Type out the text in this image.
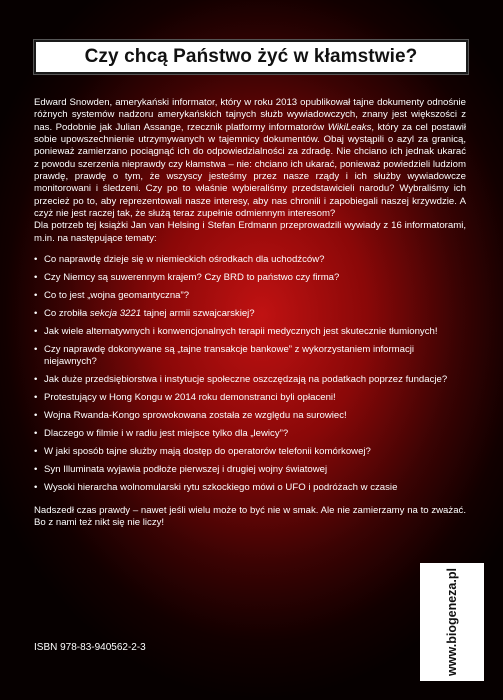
Czy chcą Państwo żyć w kłamstwie?

Edward Snowden, amerykański informator, który w roku 2013 opublikował tajne dokumenty odnośnie różnych systemów nadzoru amerykańskich tajnych służb wywiadowczych, znany jest większości z nas. Podobnie jak Julian Assange, rzecznik platformy informatorów WikiLeaks, który za cel postawił sobie upowszechnienie utrzymywanych w tajemnicy dokumentów. Obaj wystąpili o azyl za granicą, ponieważ zamierzano pociągnąć ich do odpowiedzialności za zdradę. Nie chciano ich jednak ukarać z powodu szerzenia nieprawdy czy kłamstwa – nie: chciano ich ukarać, ponieważ powiedzieli ludziom prawdę, prawdę o tym, że wszyscy jesteśmy przez nasze rządy i ich służby wywiadowcze monitorowani i śledzeni. Czy po to właśnie wybieraliśmy przedstawicieli narodu? Wybraliśmy ich przecież po to, aby reprezentowali nasze interesy, aby nas chronili i zapobiegali naszej krzywdzie. A czyż nie jest raczej tak, że służą teraz zupełnie odmiennym interesom?

Dla potrzeb tej książki Jan van Helsing i Stefan Erdmann przeprowadzili wywiady z 16 informatorami, m.in. na następujące tematy:

• Co naprawdę dzieje się w niemieckich ośrodkach dla uchodźców?
• Czy Niemcy są suwerennym krajem? Czy BRD to państwo czy firma?
• Co to jest „wojna geomantyczna”?
• Co zrobiła sekcja 3221 tajnej armii szwajcarskiej?
• Jak wiele alternatywnych i konwencjonalnych terapii medycznych jest skutecznie tłumionych!
• Czy naprawdę dokonywane są „tajne transakcje bankowe” z wykorzystaniem informacji niejawnych?
• Jak duże przedsiębiorstwa i instytucje społeczne oszczędzają na podatkach poprzez fundacje?
• Protestujący w Hong Kongu w 2014 roku demonstranci byli opłaceni!
• Wojna Rwanda-Kongo sprowokowana została ze względu na surowiec!
• Dlaczego w filmie i w radiu jest miejsce tylko dla „lewicy”?
• W jaki sposób tajne służby mają dostęp do operatorów telefonii komórkowej?
• Syn Illuminata wyjawia podłoże pierwszej i drugiej wojny światowej
• Wysoki hierarcha wolnomularski rytu szkockiego mówi o UFO i podróżach w czasie

Nadszedł czas prawdy – nawet jeśli wielu może to być nie w smak. Ale nie zamierzamy na to zważać. Bo z nami też nikt się nie liczy!

ISBN 978-83-940562-2-3	www.biogeneza.pl
